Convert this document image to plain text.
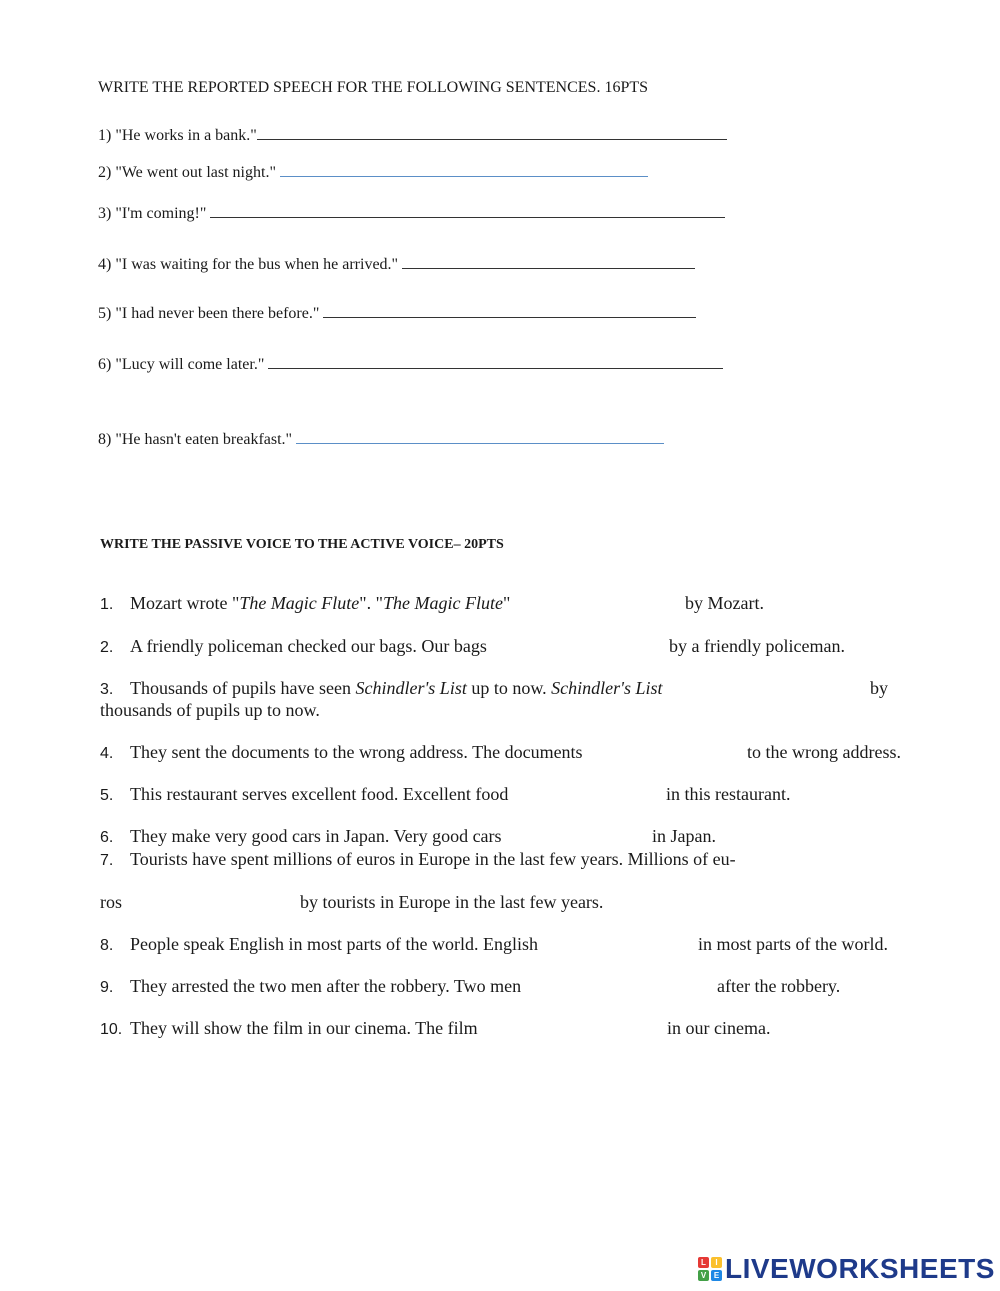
WRITE THE REPORTED SPEECH FOR THE FOLLOWING SENTENCES. 16PTS
1) "He works in a bank."
2) "We went out last night."
3) "I'm coming!"
4) "I was waiting for the bus when he arrived."
5) "I had never been there before."
6) "Lucy will come later."
8) "He hasn't eaten breakfast."
WRITE THE PASSIVE VOICE TO THE ACTIVE VOICE– 20PTS
1. Mozart wrote "The Magic Flute". "The Magic Flute"	by Mozart.
2. A friendly policeman checked our bags. Our bags	by a friendly policeman.
3. Thousands of pupils have seen Schindler's List up to now. Schindler's List	by
thousands of pupils up to now.
4. They sent the documents to the wrong address. The documents	to the wrong address.
5. This restaurant serves excellent food. Excellent food	in this restaurant.
6. They make very good cars in Japan. Very good cars	in Japan.
7. Tourists have spent millions of euros in Europe in the last few years. Millions of eu-
ros	by tourists in Europe in the last few years.
8. People speak English in most parts of the world. English	in most parts of the world.
9. They arrested the two men after the robbery. Two men	after the robbery.
10. They will show the film in our cinema. The film	in our cinema.
L	I
V E LIVEWORKSHEETS
